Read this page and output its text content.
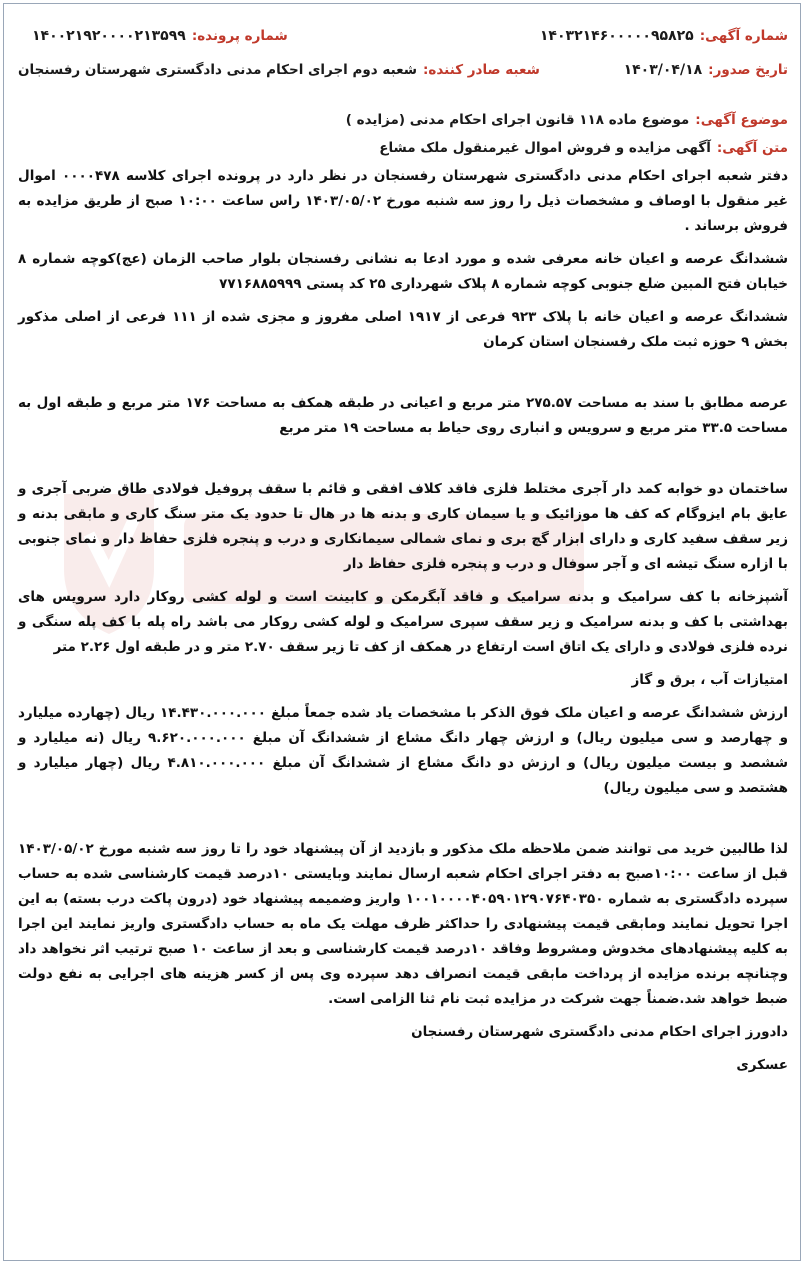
شماره آگهی:
۱۴۰۳۲۱۴۶۰۰۰۰۰۹۵۸۲۵
شماره پرونده:
۱۴۰۰۲۱۹۲۰۰۰۰۲۱۳۵۹۹
تاریخ صدور:
۱۴۰۳/۰۴/۱۸
شعبه صادر کننده:
شعبه دوم اجرای احکام مدنی دادگستری شهرستان رفسنجان
موضوع آگهی:
موضوع ماده ۱۱۸ قانون اجرای احکام مدنی (مزایده )
متن آگهی:
آگهی مزایده و فروش اموال غیرمنقول ملک مشاع

دفتر شعبه اجرای احکام مدنی دادگستری شهرستان رفسنجان در نظر دارد در پرونده اجرای کلاسه ۰۰۰۰۴۷۸ اموال غیر منقول با اوصاف و مشخصات ذیل را روز سه شنبه مورخ ۱۴۰۳/۰۵/۰۲ راس ساعت ۱۰:۰۰ صبح از طریق مزایده به فروش برساند .

ششدانگ عرصه و اعیان خانه معرفی شده و مورد ادعا به نشانی رفسنجان بلوار صاحب الزمان (عج)کوچه شماره ۸ خیابان فتح المبین ضلع جنوبی کوچه شماره ۸ پلاک شهرداری ۲۵ کد پستی ۷۷۱۶۸۸۵۹۹۹

ششدانگ عرصه و اعیان خانه با پلاک ۹۲۳ فرعی از ۱۹۱۷ اصلی مفروز و مجزی شده از ۱۱۱ فرعی از اصلی مذکور بخش ۹ حوزه ثبت ملک رفسنجان استان کرمان

عرصه مطابق با سند به مساحت ۲۷۵.۵۷ متر مربع و اعیانی در طبقه همکف به مساحت ۱۷۶ متر مربع و طبقه اول به مساحت ۳۳.۵ متر مربع و سرویس و انباری روی حیاط به مساحت ۱۹ متر مربع

ساختمان دو خوابه کمد دار آجری مختلط فلزی فاقد کلاف افقی و قائم با سقف پروفیل فولادی طاق ضربی آجری و عایق بام ایزوگام که کف ها موزائیک و یا سیمان کاری و بدنه ها در هال تا حدود یک متر سنگ کاری و مابقی بدنه و زیر سقف سفید کاری و دارای ابزار گچ بری و نمای شمالی سیمانکاری و درب و پنجره فلزی حفاظ دار و نمای جنوبی با ازاره سنگ تیشه ای و آجر سوفال و درب و پنجره فلزی حفاظ دار

آشپزخانه با کف سرامیک و بدنه سرامیک و فاقد آبگرمکن و کابینت است و لوله کشی روکار دارد سرویس های بهداشتی با کف و بدنه سرامیک و زیر سقف سپری سرامیک و لوله کشی روکار می باشد راه پله با کف پله سنگی و نرده فلزی فولادی و دارای یک اتاق است ارتفاع در همکف از کف تا زیر سقف ۲.۷۰ متر و در طبقه اول ۲.۲۶ متر

امتیازات آب ، برق و گاز

ارزش ششدانگ عرصه و اعیان ملک فوق الذکر با مشخصات یاد شده جمعاً مبلغ ۱۴.۴۳۰.۰۰۰.۰۰۰ ریال (چهارده میلیارد و چهارصد و سی میلیون ریال) و ارزش چهار دانگ مشاع از ششدانگ آن مبلغ ۹.۶۲۰.۰۰۰.۰۰۰ ریال (نه میلیارد و ششصد و بیست میلیون ریال) و ارزش دو دانگ مشاع از ششدانگ آن مبلغ ۴.۸۱۰.۰۰۰.۰۰۰ ریال (چهار میلیارد و هشتصد و سی میلیون ریال)

لذا طالبین خرید می توانند ضمن ملاحظه ملک مذکور و بازدید از آن پیشنهاد خود را تا روز سه شنبه مورخ ۱۴۰۳/۰۵/۰۲ قبل از ساعت ۱۰:۰۰صبح به دفتر اجرای احکام شعبه ارسال نمایند وبایستی ۱۰درصد قیمت کارشناسی شده به حساب سپرده دادگستری به شماره ۱۰۰۱۰۰۰۰۴۰۵۹۰۱۲۹۰۷۶۴۰۳۵۰ واریز وضمیمه پیشنهاد خود (درون پاکت درب بسته) به این اجرا تحویل نمایند ومابقی قیمت پیشنهادی را حداکثر ظرف مهلت یک ماه به حساب دادگستری واریز نمایند این اجرا به کلیه پیشنهادهای مخدوش ومشروط وفاقد ۱۰درصد قیمت کارشناسی و بعد از ساعت ۱۰ صبح ترتیب اثر نخواهد داد وچنانچه برنده مزایده از پرداخت مابقی قیمت انصراف دهد سپرده وی پس از کسر هزینه های اجرایی به نفع دولت ضبط خواهد شد.ضمناً جهت شرکت در مزایده ثبت نام ثنا الزامی است.

دادورز اجرای احکام مدنی دادگستری شهرستان رفسنجان

عسکری
